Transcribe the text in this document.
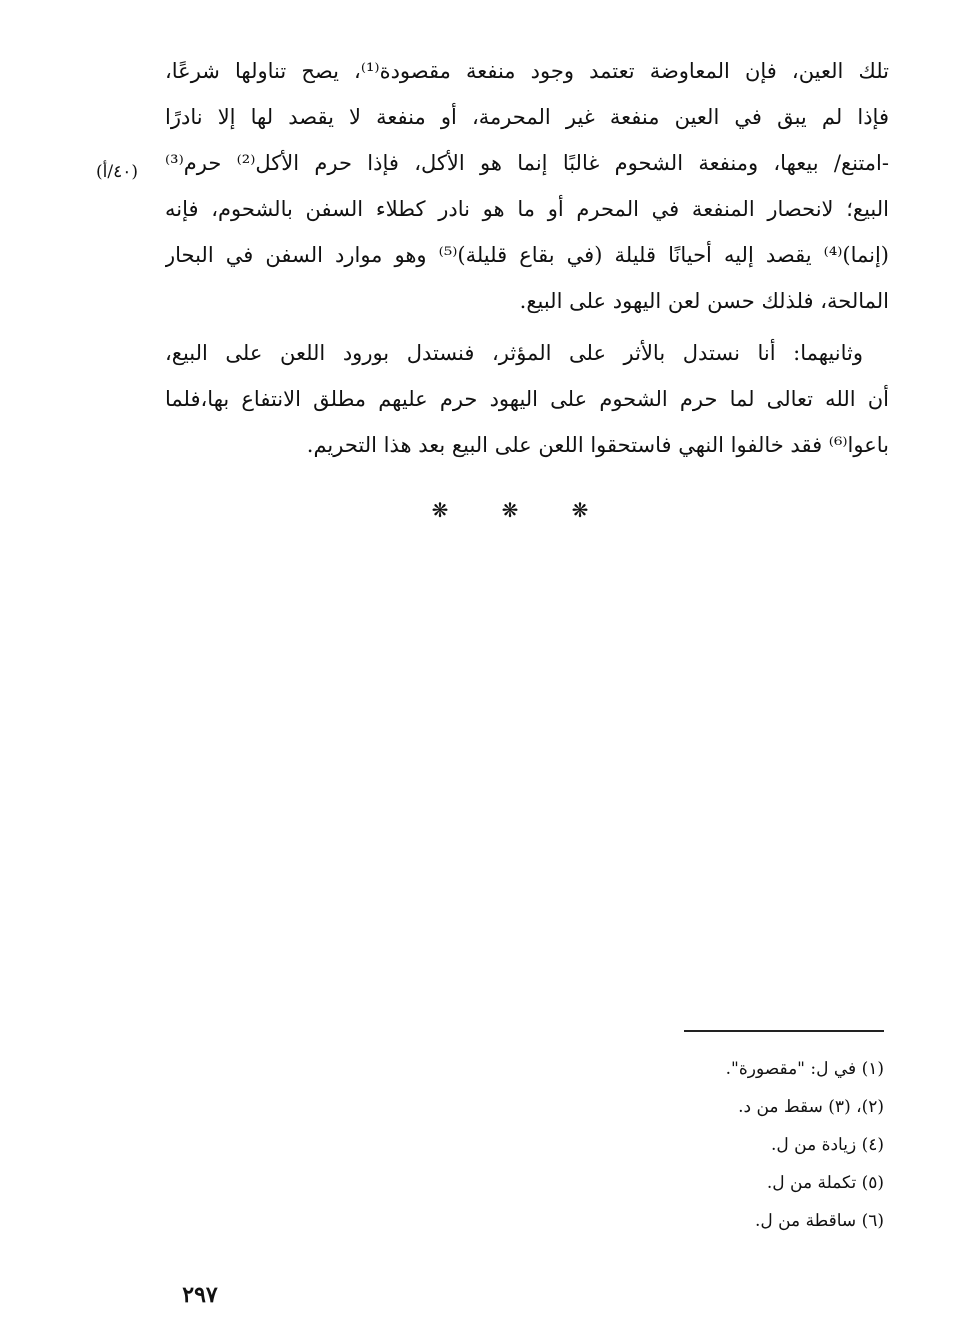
تلك العين، فإن المعاوضة تعتمد وجود منفعة مقصودة⁽¹⁾، يصح تناولها شرعًا،
فإذا لم يبق في العين منفعة غير المحرمة، أو منفعة لا يقصد لها إلا نادرًا
-امتنع/ بيعها، ومنفعة الشحوم غالبًا إنما هو الأكل، فإذا حرم الأكل⁽²⁾ حرم⁽³⁾
البيع؛ لانحصار المنفعة في المحرم أو ما هو نادر كطلاء السفن بالشحوم، فإنه
(إنما)⁽⁴⁾ يقصد إليه أحيانًا قليلة (في بقاع قليلة)⁽⁵⁾ وهو موارد السفن في البحار
المالحة، فلذلك حسن لعن اليهود على البيع.
وثانيهما: أنا نستدل بالأثر على المؤثر، فنستدل بورود اللعن على البيع،
أن الله تعالى لما حرم الشحوم على اليهود حرم عليهم مطلق الانتفاع بها،فلما
باعوا⁽⁶⁾ فقد خالفوا النهي فاستحقوا اللعن على البيع بعد هذا التحريم.
(٤٠/أ)
❋	❋	❋
(١) في ل: "مقصورة".
(٢)، (٣) سقط من د.
(٤) زيادة من ل.
(٥) تكملة من ل.
(٦) ساقطة من ل.
٢٩٧
